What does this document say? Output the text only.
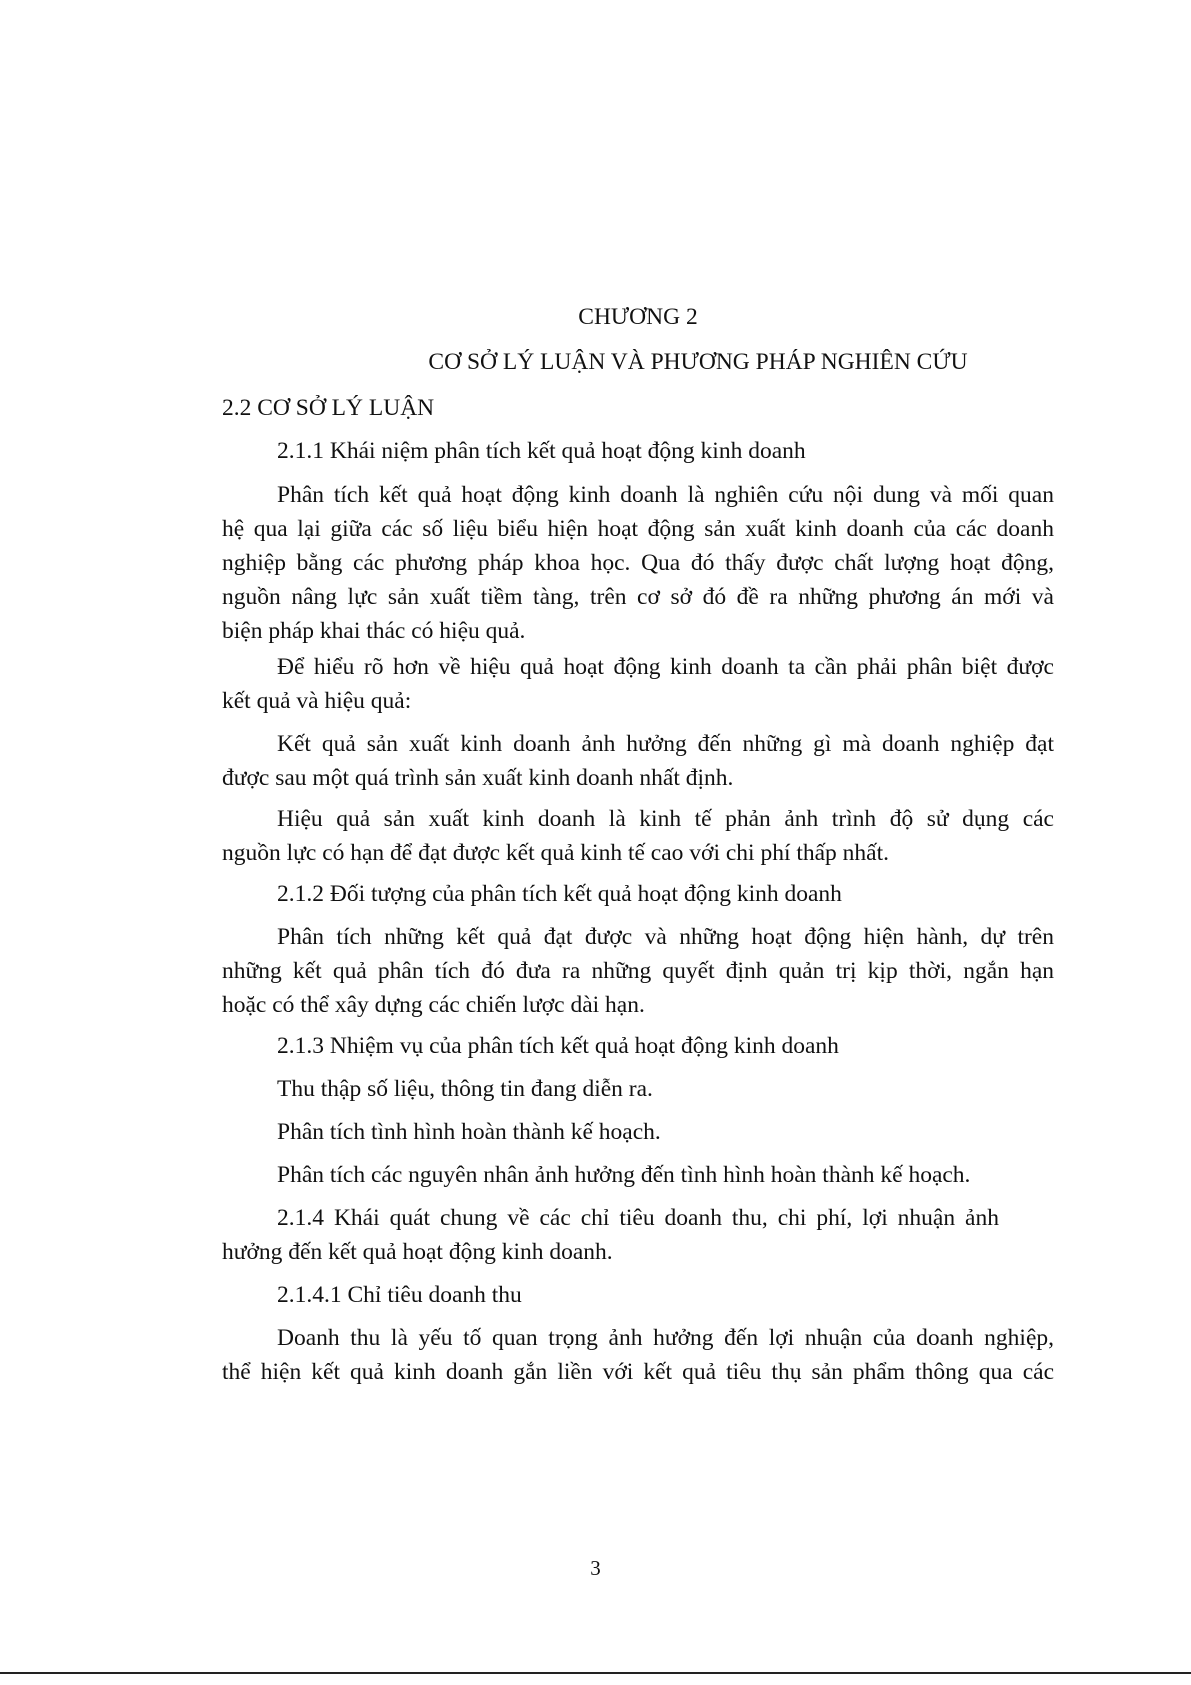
CHƯƠNG 2
CƠ SỞ LÝ LUẬN VÀ PHƯƠNG PHÁP NGHIÊN CỨU
2.2 CƠ SỞ LÝ LUẬN
2.1.1 Khái niệm phân tích kết quả hoạt động kinh doanh
Phân tích kết quả hoạt động kinh doanh là nghiên cứu nội dung và mối quan
hệ qua lại giữa các số liệu biểu hiện hoạt động sản xuất kinh doanh của các doanh
nghiệp bằng các phương pháp khoa học. Qua đó thấy được chất lượng hoạt động,
nguồn nâng lực sản xuất tiềm tàng, trên cơ sở đó đề ra những phương án mới và
biện pháp khai thác có hiệu quả.
Để hiểu rõ hơn về hiệu quả hoạt động kinh doanh ta cần phải phân biệt được
kết quả và hiệu quả:
Kết quả sản xuất kinh doanh ảnh hưởng đến những gì mà doanh nghiệp đạt
được sau một quá trình sản xuất kinh doanh nhất định.
Hiệu quả sản xuất kinh doanh là kinh tế phản ảnh trình độ sử dụng các
nguồn lực có hạn để đạt được kết quả kinh tế cao với chi phí thấp nhất.
2.1.2 Đối tượng của phân tích kết quả hoạt động kinh doanh
Phân tích những kết quả đạt được và những hoạt động hiện hành, dự trên
những kết quả phân tích đó đưa ra những quyết định quản trị kịp thời, ngắn hạn
hoặc có thể xây dựng các chiến lược dài hạn.
2.1.3 Nhiệm vụ của phân tích kết quả hoạt động kinh doanh
Thu thập số liệu, thông tin đang diễn ra.
Phân tích tình hình hoàn thành kế hoạch.
Phân tích các nguyên nhân ảnh hưởng đến tình hình hoàn thành kế hoạch.
2.1.4 Khái quát chung về các chỉ tiêu doanh thu, chi phí, lợi nhuận ảnh
hưởng đến kết quả hoạt động kinh doanh.
2.1.4.1 Chỉ tiêu doanh thu
Doanh thu là yếu tố quan trọng ảnh hưởng đến lợi nhuận của doanh nghiệp,
thể hiện kết quả kinh doanh gắn liền với kết quả tiêu thụ sản phẩm thông qua các
3
